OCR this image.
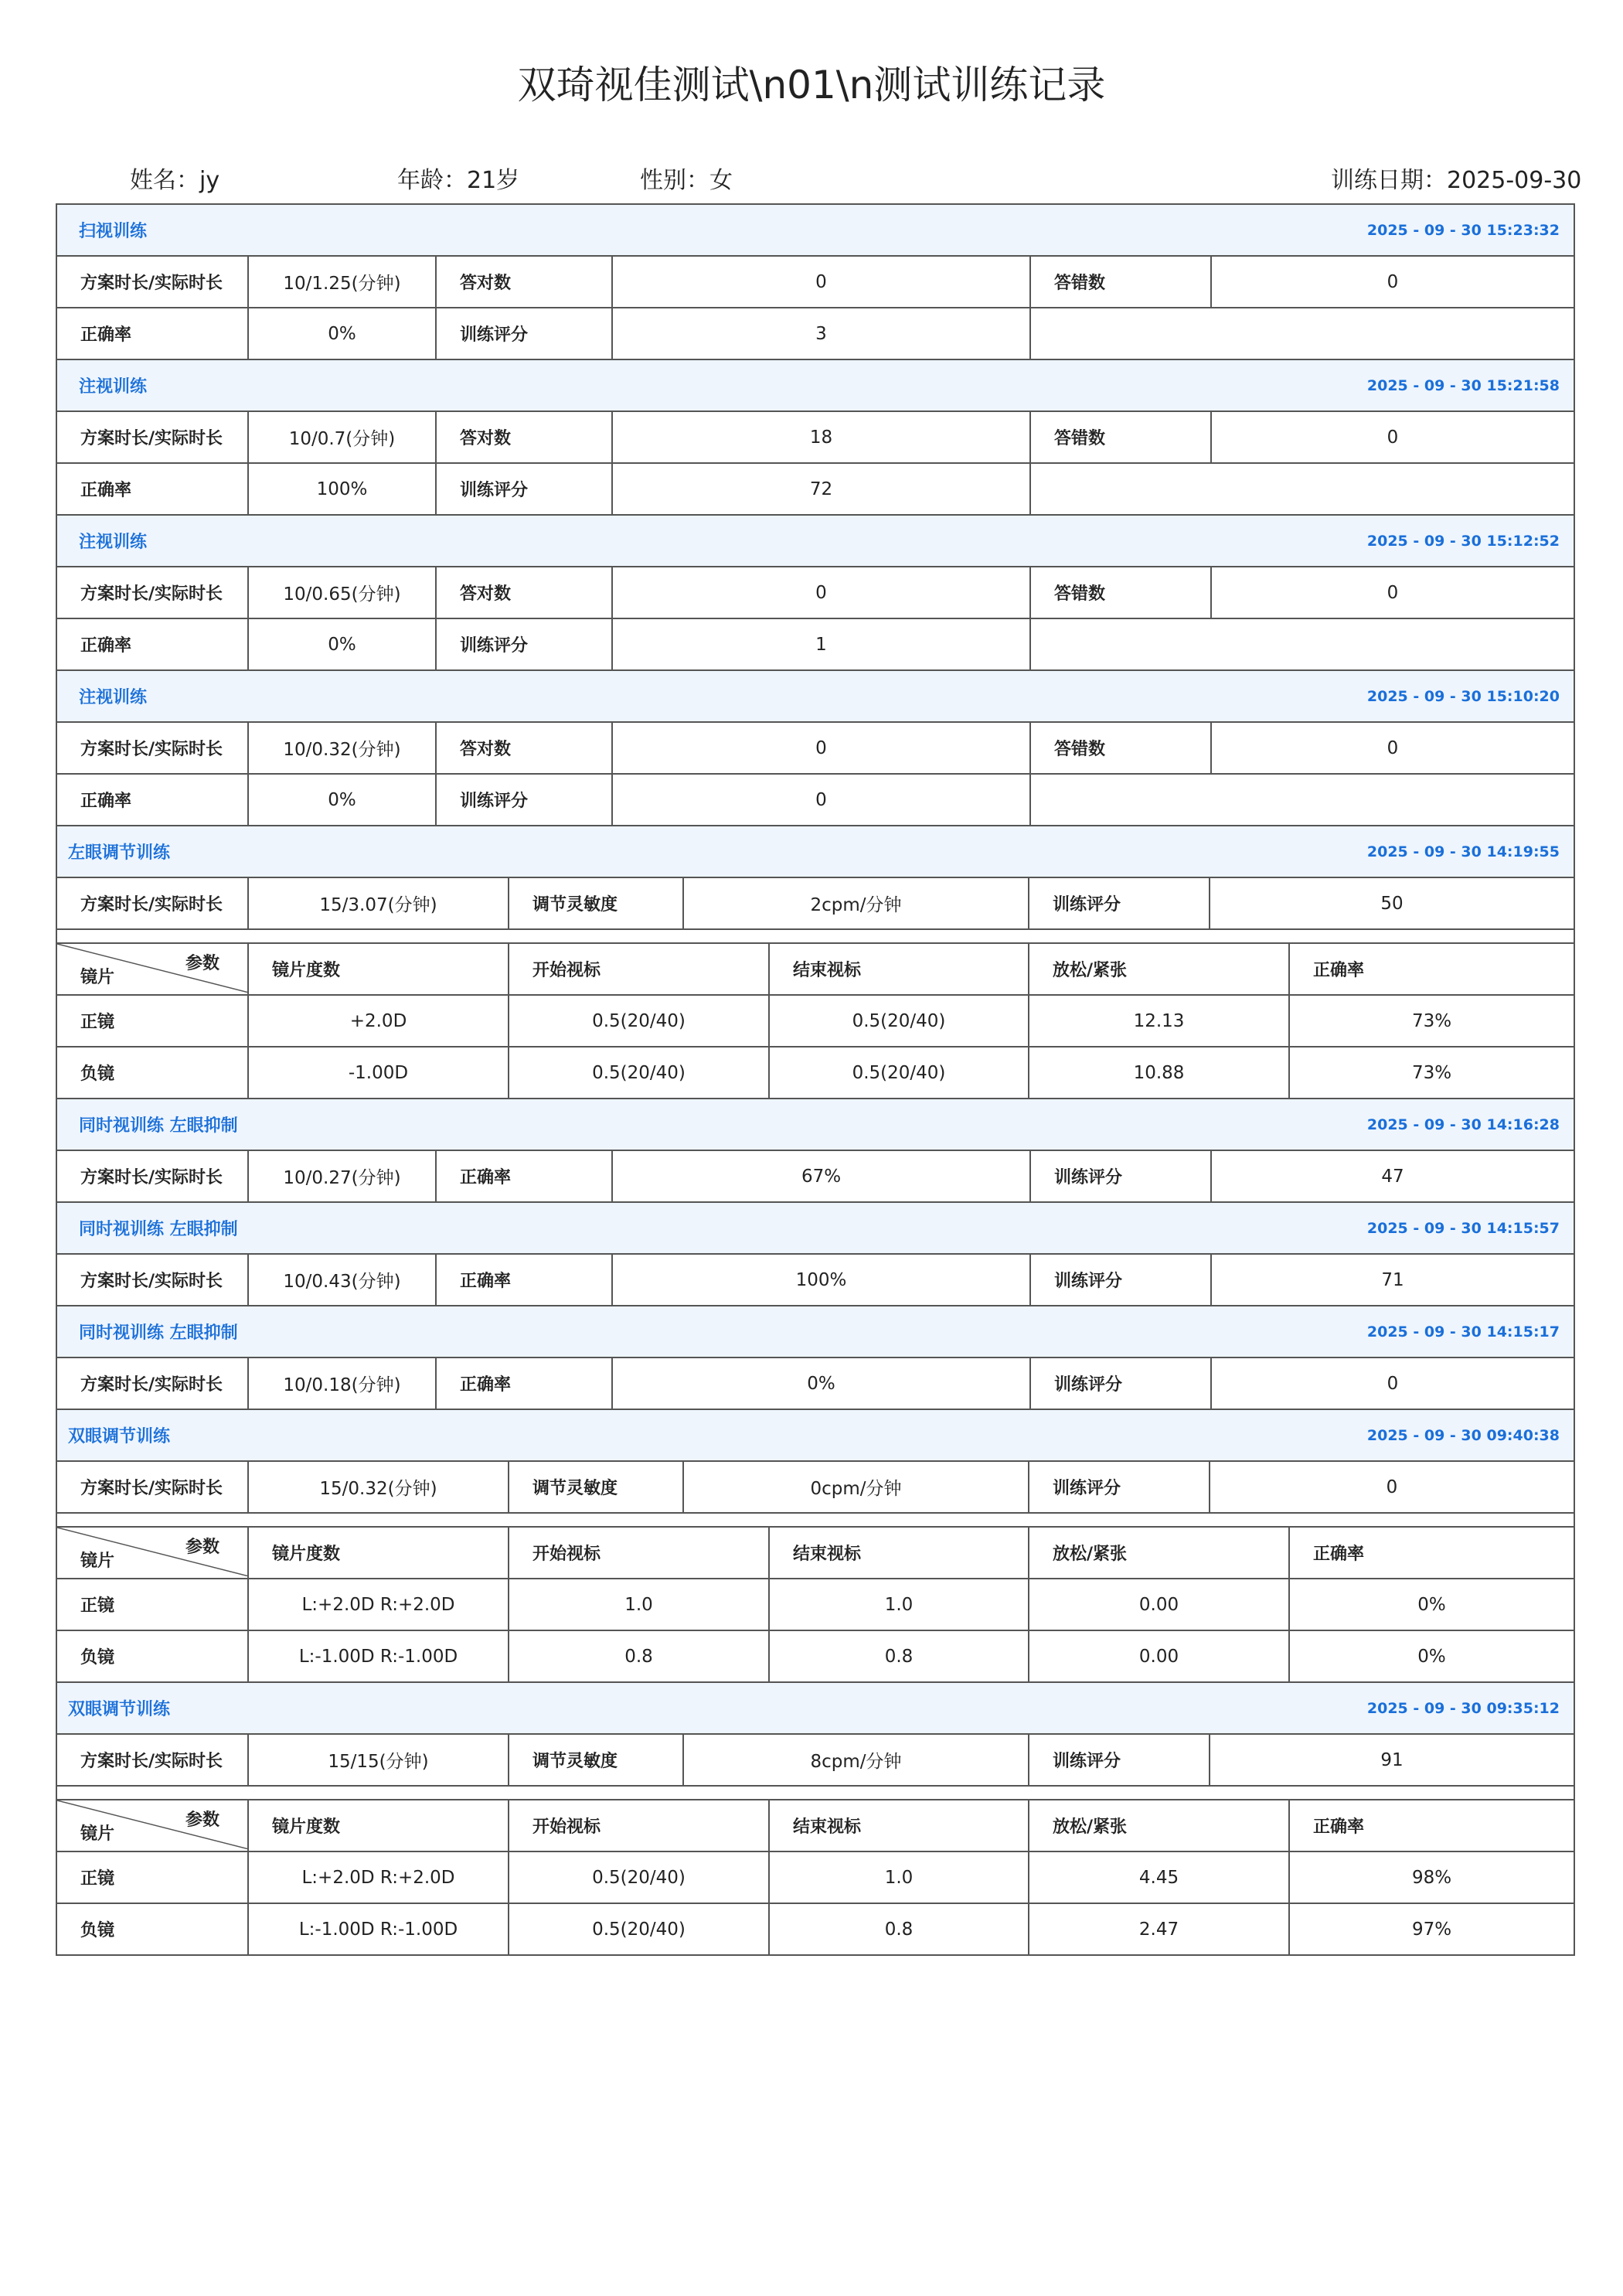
双琦视佳测试\n01\n测试训练记录
姓名：jy	年龄：21岁	性别：女	训练日期：2025-09-30
扫视训练	2025 - 09 - 30 15:23:32
方案时长/实际时长	10/1.25(分钟)	答对数	0	答错数	0
正确率	0%	训练评分	3
注视训练	2025 - 09 - 30 15:21:58
方案时长/实际时长	10/0.7(分钟)	答对数	18	答错数	0
正确率	100%	训练评分	72
注视训练	2025 - 09 - 30 15:12:52
方案时长/实际时长	10/0.65(分钟)	答对数	0	答错数	0
正确率	0%	训练评分	1
注视训练	2025 - 09 - 30 15:10:20
方案时长/实际时长	10/0.32(分钟)	答对数	0	答错数	0
正确率	0%	训练评分	0
左眼调节训练	2025 - 09 - 30 14:19:55
方案时长/实际时长	15/3.07(分钟)	调节灵敏度	2cpm/分钟	训练评分	50
参数
镜片	镜片度数	开始视标	结束视标	放松/紧张	正确率
正镜	+2.0D	0.5(20/40)	0.5(20/40)	12.13	73%
负镜	-1.00D	0.5(20/40)	0.5(20/40)	10.88	73%
同时视训练 左眼抑制	2025 - 09 - 30 14:16:28
方案时长/实际时长	10/0.27(分钟)	正确率	67%	训练评分	47
同时视训练 左眼抑制	2025 - 09 - 30 14:15:57
方案时长/实际时长	10/0.43(分钟)	正确率	100%	训练评分	71
同时视训练 左眼抑制	2025 - 09 - 30 14:15:17
方案时长/实际时长	10/0.18(分钟)	正确率	0%	训练评分	0
双眼调节训练	2025 - 09 - 30 09:40:38
方案时长/实际时长	15/0.32(分钟)	调节灵敏度	0cpm/分钟	训练评分	0
参数
镜片	镜片度数	开始视标	结束视标	放松/紧张	正确率
正镜	L:+2.0D R:+2.0D	1.0	1.0	0.00	0%
负镜	L:-1.00D R:-1.00D	0.8	0.8	0.00	0%
双眼调节训练	2025 - 09 - 30 09:35:12
方案时长/实际时长	15/15(分钟)	调节灵敏度	8cpm/分钟	训练评分	91
参数
镜片	镜片度数	开始视标	结束视标	放松/紧张	正确率
正镜	L:+2.0D R:+2.0D	0.5(20/40)	1.0	4.45	98%
负镜	L:-1.00D R:-1.00D	0.5(20/40)	0.8	2.47	97%
